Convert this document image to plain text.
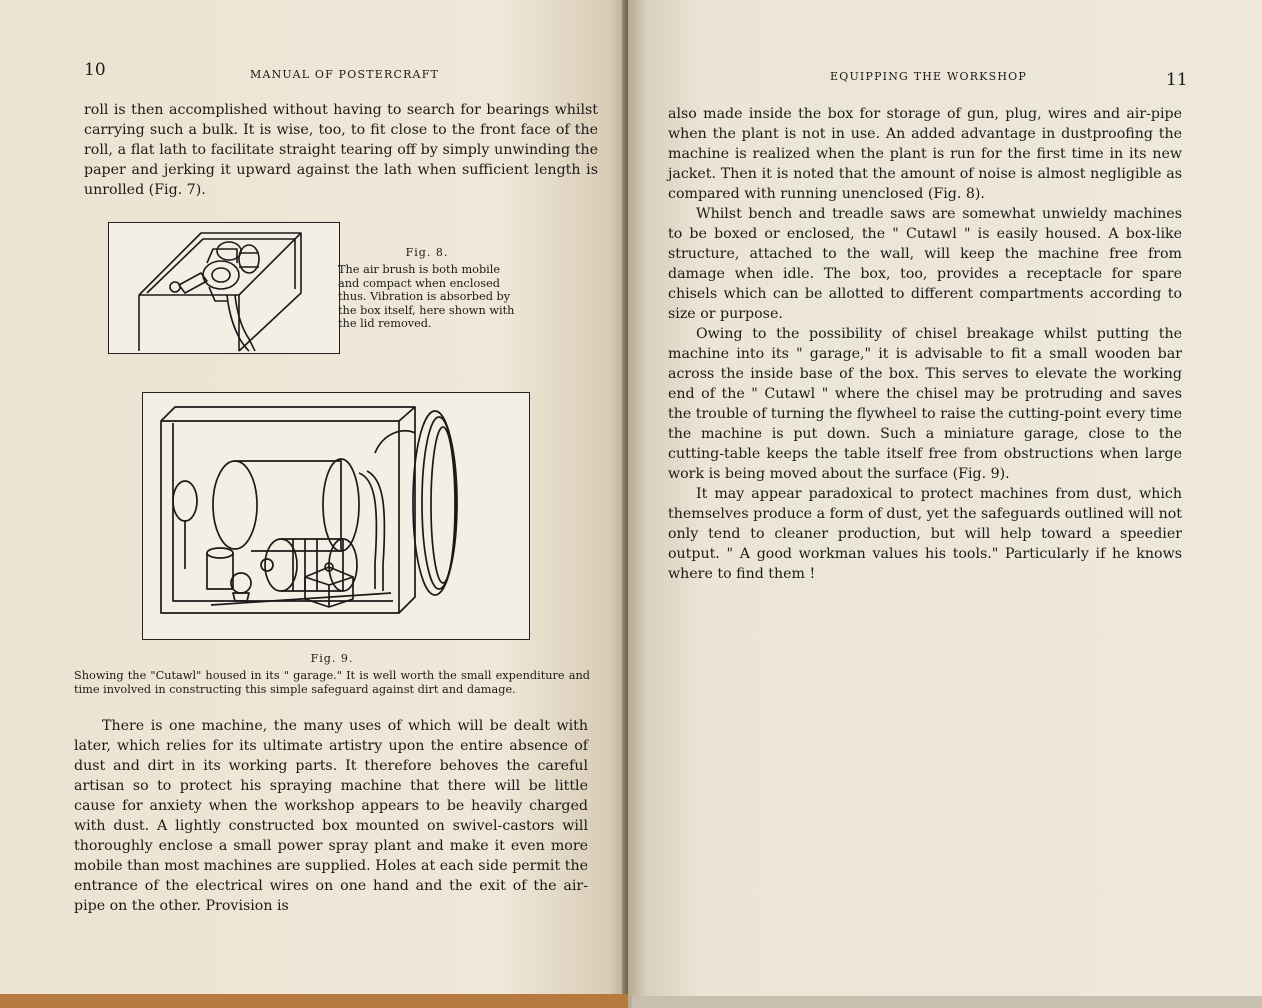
10	MANUAL OF POSTERCRAFT

roll is then accomplished without having to search for bearings whilst carrying such a bulk. It is wise, too, to fit close to the front face of the roll, a flat lath to facilitate straight tearing off by simply unwinding the paper and jerking it upward against the lath when sufficient length is unrolled (Fig. 7).

Fig. 8.
The air brush is both mobile and compact when enclosed thus. Vibration is absorbed by the box itself, here shown with the lid removed.
Fig. 9.
Showing the "Cutawl" housed in its " garage." It is well worth the small expenditure and time involved in constructing this simple safeguard against dirt and damage.

There is one machine, the many uses of which will be dealt with later, which relies for its ultimate artistry upon the entire absence of dust and dirt in its working parts. It therefore behoves the careful artisan so to protect his spraying machine that there will be little cause for anxiety when the workshop appears to be heavily charged with dust. A lightly constructed box mounted on swivel-castors will thoroughly enclose a small power spray plant and make it even more mobile than most machines are supplied. Holes at each side permit the entrance of the electrical wires on one hand and the exit of the air-pipe on the other. Provision is

EQUIPPING THE WORKSHOP	11

also made inside the box for storage of gun, plug, wires and air-pipe when the plant is not in use. An added advantage in dustproofing the machine is realized when the plant is run for the first time in its new jacket. Then it is noted that the amount of noise is almost negligible as compared with running unenclosed (Fig. 8).

Whilst bench and treadle saws are somewhat unwieldy machines to be boxed or enclosed, the " Cutawl " is easily housed. A box-like structure, attached to the wall, will keep the machine free from damage when idle. The box, too, provides a receptacle for spare chisels which can be allotted to different compartments according to size or purpose.

Owing to the possibility of chisel breakage whilst putting the machine into its " garage," it is advisable to fit a small wooden bar across the inside base of the box. This serves to elevate the working end of the " Cutawl " where the chisel may be protruding and saves the trouble of turning the flywheel to raise the cutting-point every time the machine is put down. Such a miniature garage, close to the cutting-table keeps the table itself free from obstructions when large work is being moved about the surface (Fig. 9).

It may appear paradoxical to protect machines from dust, which themselves produce a form of dust, yet the safeguards outlined will not only tend to cleaner production, but will help toward a speedier output. " A good workman values his tools." Particularly if he knows where to find them !
